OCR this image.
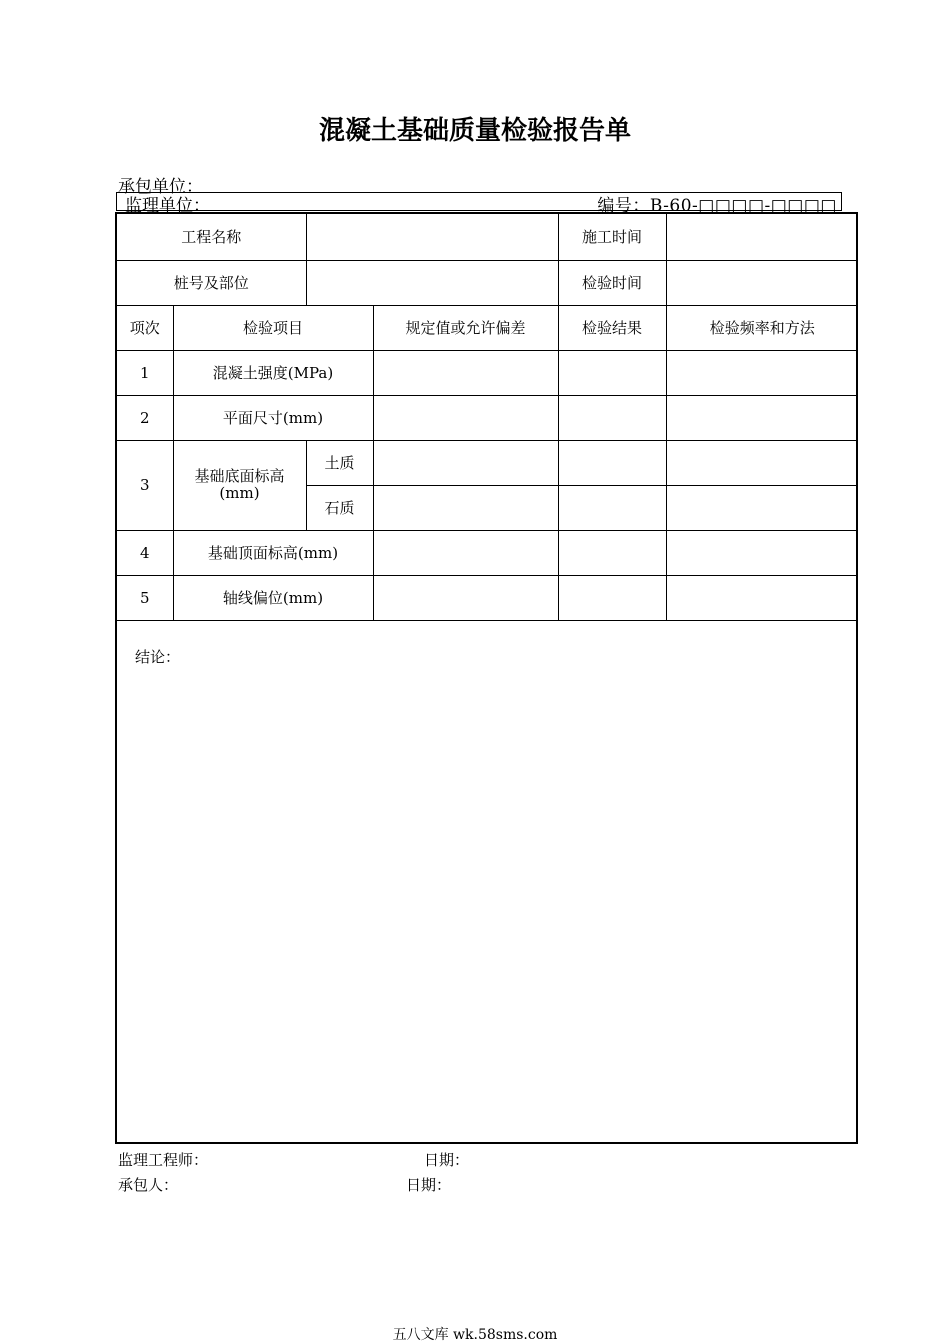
混凝土基础质量检验报告单
承包单位：
监理单位：	编号：B-60-□□□□-□□□□
工程名称				施工时间	
桩号及部位				检验时间	
项次	检验项目		规定值或允许偏差	检验结果	检验频率和方法
1	混凝土强度(MPa)				
2	平面尺寸(mm)				
3	基础底面标高(mm)	土质			
		石质			
4	基础顶面标高(mm)				
5	轴线偏位(mm)				
结论：
监理工程师：	日期：
承包人：	日期：
五八文库 wk.58sms.com
